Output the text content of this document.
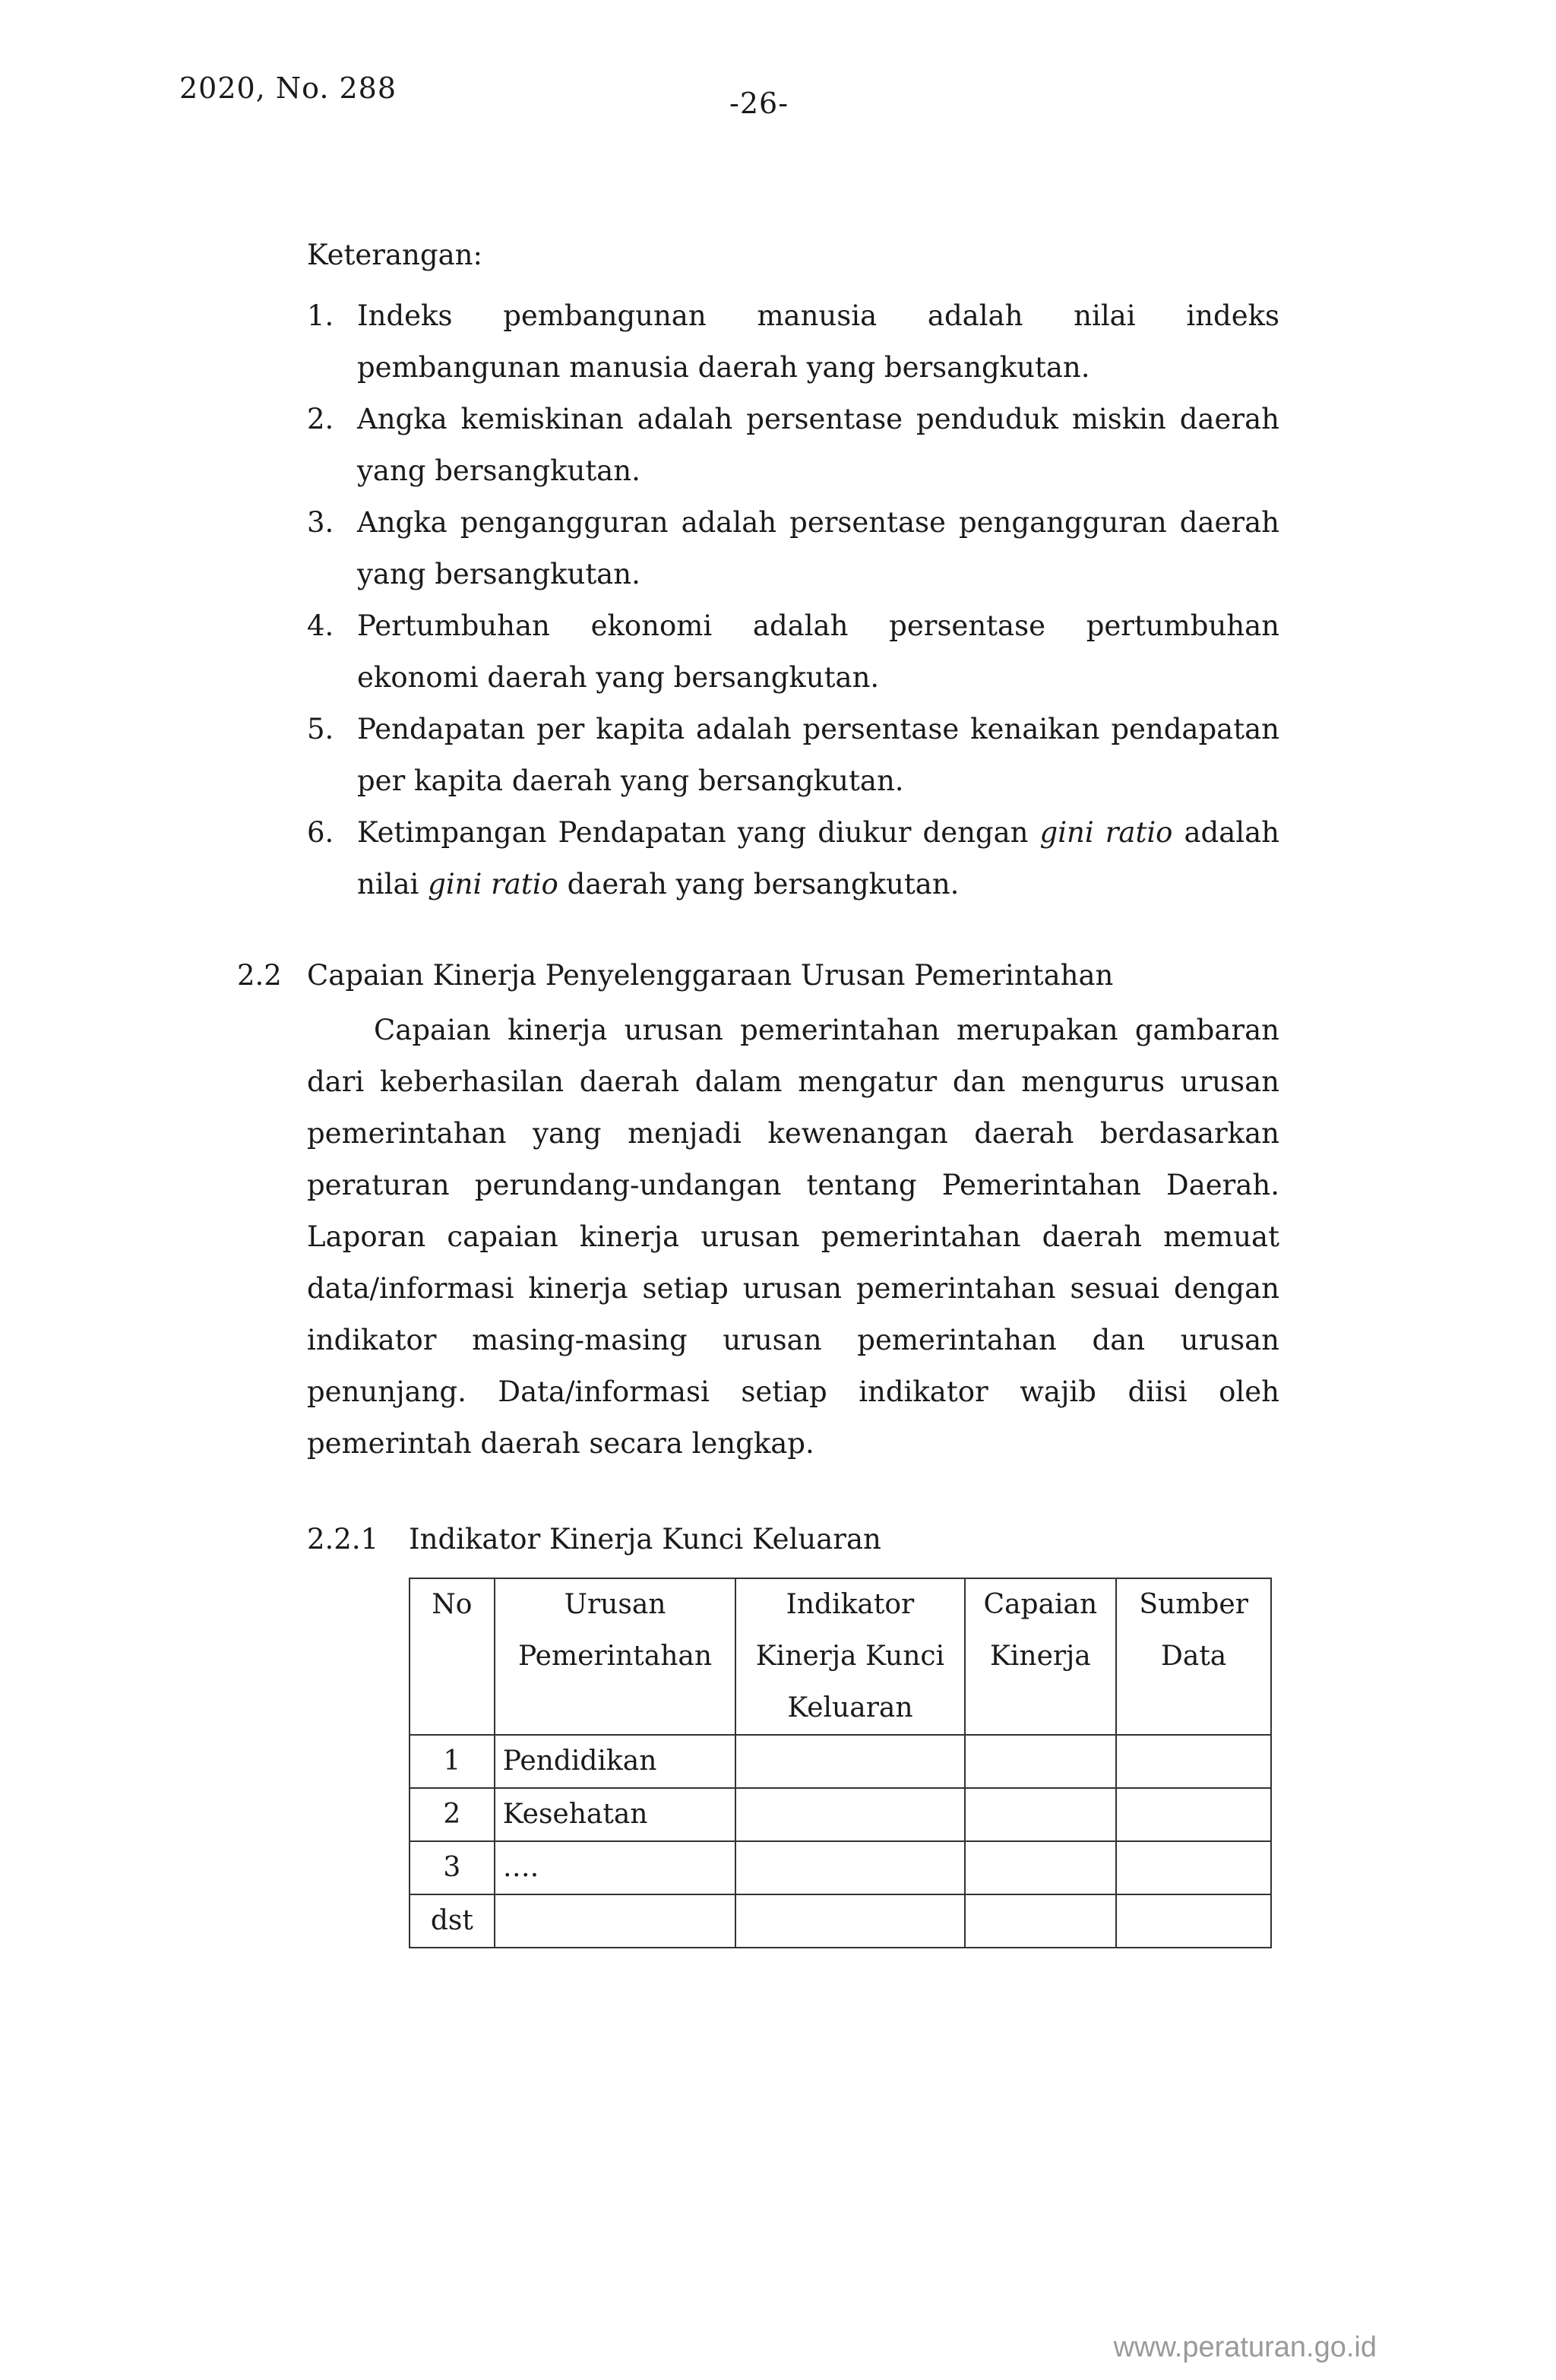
2020, No. 288	-26-
Keterangan:
1. Indeks pembangunan manusia adalah nilai indeks pembangunan manusia daerah yang bersangkutan.
2. Angka kemiskinan adalah persentase penduduk miskin daerah yang bersangkutan.
3. Angka pengangguran adalah persentase pengangguran daerah yang bersangkutan.
4. Pertumbuhan ekonomi adalah persentase pertumbuhan ekonomi daerah yang bersangkutan.
5. Pendapatan per kapita adalah persentase kenaikan pendapatan per kapita daerah yang bersangkutan.
6. Ketimpangan Pendapatan yang diukur dengan gini ratio adalah nilai gini ratio daerah yang bersangkutan.
2.2 Capaian Kinerja Penyelenggaraan Urusan Pemerintahan
Capaian kinerja urusan pemerintahan merupakan gambaran dari keberhasilan daerah dalam mengatur dan mengurus urusan pemerintahan yang menjadi kewenangan daerah berdasarkan peraturan perundang-undangan tentang Pemerintahan Daerah. Laporan capaian kinerja urusan pemerintahan daerah memuat data/informasi kinerja setiap urusan pemerintahan sesuai dengan indikator masing-masing urusan pemerintahan dan urusan penunjang. Data/informasi setiap indikator wajib diisi oleh pemerintah daerah secara lengkap.
2.2.1 Indikator Kinerja Kunci Keluaran
No	Urusan Pemerintahan	Indikator Kinerja Kunci Keluaran	Capaian Kinerja	Sumber Data
1	Pendidikan			
2	Kesehatan			
3	….			
dst				
www.peraturan.go.id
